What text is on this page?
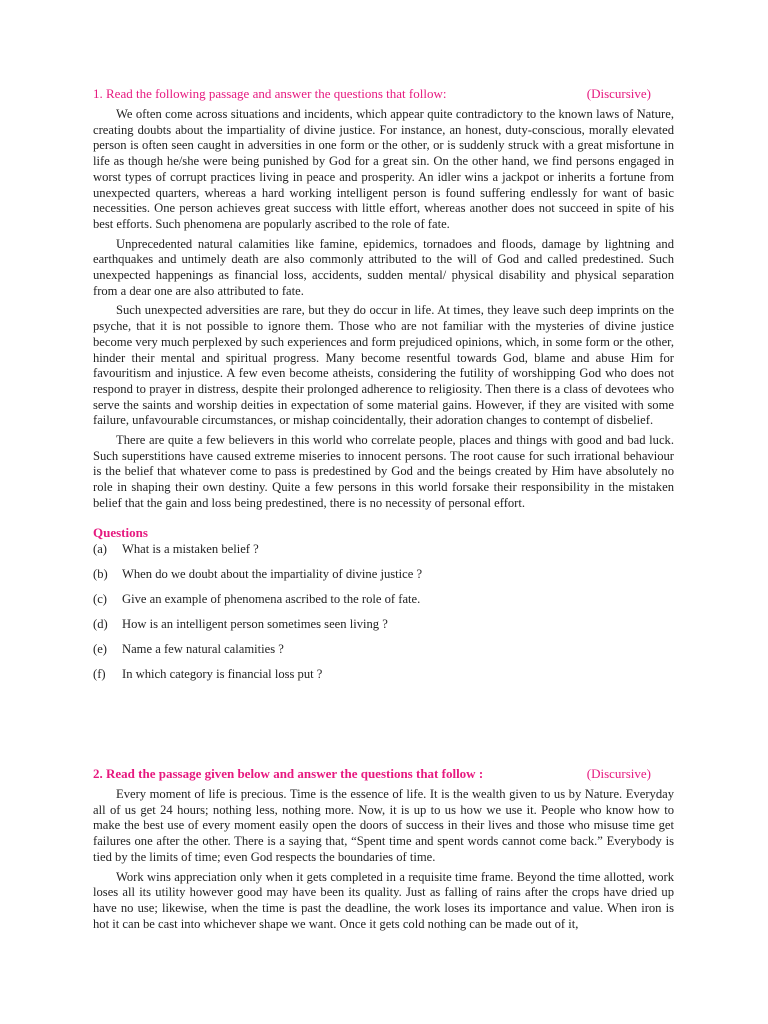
1. Read the following passage and answer the questions that follow:	(Discursive)

We often come across situations and incidents, which appear quite contradictory to the known laws of Nature, creating doubts about the impartiality of divine justice. For instance, an honest, duty-conscious, morally elevated person is often seen caught in adversities in one form or the other, or is suddenly struck with a great misfortune in life as though he/she were being punished by God for a great sin. On the other hand, we find persons engaged in worst types of corrupt practices living in peace and prosperity. An idler wins a jackpot or inherits a fortune from unexpected quarters, whereas a hard working intelligent person is found suffering endlessly for want of basic necessities. One person achieves great success with little effort, whereas another does not succeed in spite of his best efforts. Such phenomena are popularly ascribed to the role of fate.

Unprecedented natural calamities like famine, epidemics, tornadoes and floods, damage by lightning and earthquakes and untimely death are also commonly attributed to the will of God and called predestined. Such unexpected happenings as financial loss, accidents, sudden mental/ physical disability and physical separation from a dear one are also attributed to fate.

Such unexpected adversities are rare, but they do occur in life. At times, they leave such deep imprints on the psyche, that it is not possible to ignore them. Those who are not familiar with the mysteries of divine justice become very much perplexed by such experiences and form prejudiced opinions, which, in some form or the other, hinder their mental and spiritual progress. Many become resentful towards God, blame and abuse Him for favouritism and injustice. A few even become atheists, considering the futility of worshipping God who does not respond to prayer in distress, despite their prolonged adherence to religiosity. Then there is a class of devotees who serve the saints and worship deities in expectation of some material gains. However, if they are visited with some failure, unfavourable circumstances, or mishap coincidentally, their adoration changes to contempt of disbelief.

There are quite a few believers in this world who correlate people, places and things with good and bad luck. Such superstitions have caused extreme miseries to innocent persons. The root cause for such irrational behaviour is the belief that whatever come to pass is predestined by God and the beings created by Him have absolutely no role in shaping their own destiny. Quite a few persons in this world forsake their responsibility in the mistaken belief that the gain and loss being predestined, there is no necessity of personal effort.

Questions
(a)	What is a mistaken belief ?
(b)	When do we doubt about the impartiality of divine justice ?
(c)	Give an example of phenomena ascribed to the role of fate.
(d)	How is an intelligent person sometimes seen living ?
(e)	Name a few natural calamities ?
(f)	In which category is financial loss put ?
2. Read the passage given below and answer the questions that follow :	(Discursive)

Every moment of life is precious. Time is the essence of life. It is the wealth given to us by Nature. Everyday all of us get 24 hours; nothing less, nothing more. Now, it is up to us how we use it. People who know how to make the best use of every moment easily open the doors of success in their lives and those who misuse time get failures one after the other. There is a saying that, “Spent time and spent words cannot come back.” Everybody is tied by the limits of time; even God respects the boundaries of time.

Work wins appreciation only when it gets completed in a requisite time frame. Beyond the time allotted, work loses all its utility however good may have been its quality. Just as falling of rains after the crops have dried up have no use; likewise, when the time is past the deadline, the work loses its importance and value. When iron is hot it can be cast into whichever shape we want. Once it gets cold nothing can be made out of it,
